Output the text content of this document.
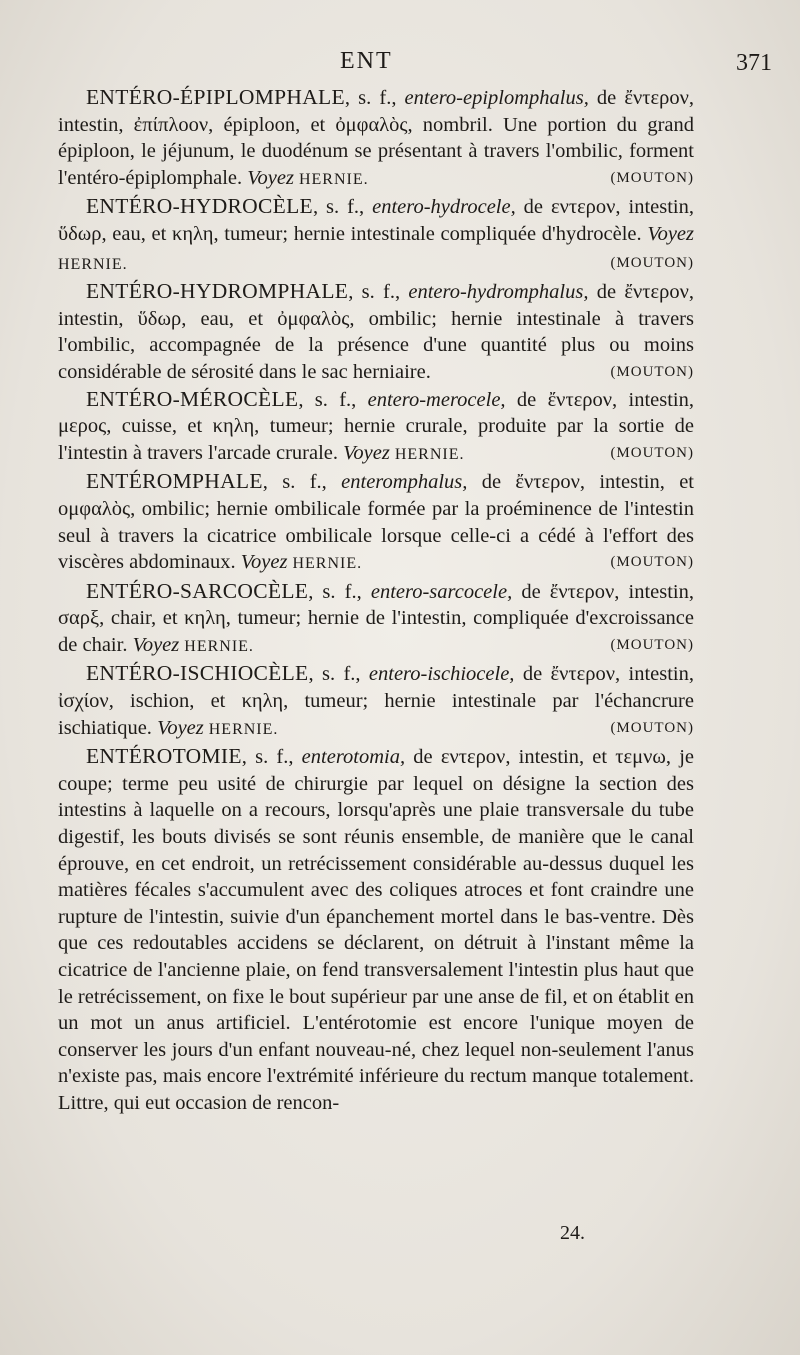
ENT	371

ENTÉRO-ÉPIPLOMPHALE, s. f., entero-epiplomphalus, de ἔντερον, intestin, ἐπίπλοον, épiploon, et ὀμφαλὸς, nombril. Une portion du grand épiploon, le jéjunum, le duodénum se présentant à travers l'ombilic, forment l'entéro-épiplomphale. Voyez HERNIE.	(MOUTON)

ENTÉRO-HYDROCÈLE, s. f., entero-hydrocele, de εντερον, intestin, ὕδωρ, eau, et κηλη, tumeur; hernie intestinale compliquée d'hydrocèle. Voyez HERNIE.	(MOUTON)

ENTÉRO-HYDROMPHALE, s. f., entero-hydromphalus, de ἔντερον, intestin, ὕδωρ, eau, et ὀμφαλὸς, ombilic; hernie intestinale à travers l'ombilic, accompagnée de la présence d'une quantité plus ou moins considérable de sérosité dans le sac herniaire.	(MOUTON)

ENTÉRO-MÉROCÈLE, s. f., entero-merocele, de ἔντερον, intestin, μερος, cuisse, et κηλη, tumeur; hernie crurale, produite par la sortie de l'intestin à travers l'arcade crurale. Voyez HERNIE.	(MOUTON)

ENTÉROMPHALE, s. f., enteromphalus, de ἔντερον, intestin, et ομφαλὸς, ombilic; hernie ombilicale formée par la proéminence de l'intestin seul à travers la cicatrice ombilicale lorsque celle-ci a cédé à l'effort des viscères abdominaux. Voyez HERNIE.	(MOUTON)

ENTÉRO-SARCOCÈLE, s. f., entero-sarcocele, de ἔντερον, intestin, σαρξ, chair, et κηλη, tumeur; hernie de l'intestin, compliquée d'excroissance de chair. Voyez HERNIE.	(MOUTON)

ENTÉRO-ISCHIOCÈLE, s. f., entero-ischiocele, de ἔντερον, intestin, ἰσχίον, ischion, et κηλη, tumeur; hernie intestinale par l'échancrure ischiatique. Voyez HERNIE.	(MOUTON)

ENTÉROTOMIE, s. f., enterotomia, de εντερον, intestin, et τεμνω, je coupe; terme peu usité de chirurgie par lequel on désigne la section des intestins à laquelle on a recours, lorsqu'après une plaie transversale du tube digestif, les bouts divisés se sont réunis ensemble, de manière que le canal éprouve, en cet endroit, un retrécissement considérable au-dessus duquel les matières fécales s'accumulent avec des coliques atroces et font craindre une rupture de l'intestin, suivie d'un épanchement mortel dans le bas-ventre. Dès que ces redoutables accidens se déclarent, on détruit à l'instant même la cicatrice de l'ancienne plaie, on fend transversalement l'intestin plus haut que le retrécissement, on fixe le bout supérieur par une anse de fil, et on établit en un mot un anus artificiel. L'entérotomie est encore l'unique moyen de conserver les jours d'un enfant nouveau-né, chez lequel non-seulement l'anus n'existe pas, mais encore l'extrémité inférieure du rectum manque totalement. Littre, qui eut occasion de rencon-

24.
